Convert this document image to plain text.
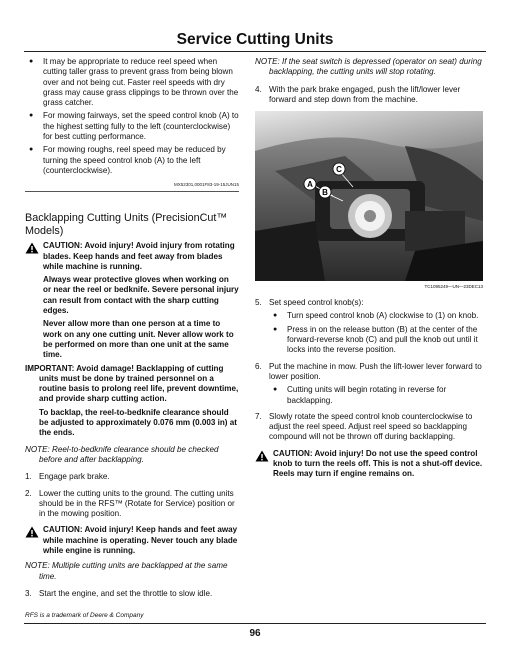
Service Cutting Units
● It may be appropriate to reduce reel speed when cutting taller grass to prevent grass from being blown over and not being cut. Faster reel speeds with dry grass may cause grass clippings to be thrown over the grass catcher.
● For mowing fairways, set the speed control knob (A) to the highest setting fully to the left (counterclockwise) for best cutting performance.
● For mowing roughs, reel speed may be reduced by turning the speed control knob (A) to the left (counterclockwise).
MX52301,0001F83-19-15JUN15
Backlapping Cutting Units (PrecisionCut™ Models)
CAUTION: Avoid injury! Avoid injury from rotating blades. Keep hands and feet away from blades while machine is running.
Always wear protective gloves when working on or near the reel or bedknife. Severe personal injury can result from contact with the sharp cutting edges.
Never allow more than one person at a time to work on any one cutting unit. Never allow work to be performed on more than one unit at the same time.
IMPORTANT: Avoid damage! Backlapping of cutting units must be done by trained personnel on a routine basis to prolong reel life, prevent downtime, and provide sharp cutting action.
To backlap, the reel-to-bedknife clearance should be adjusted to approximately 0.076 mm (0.003 in) at the ends.
NOTE: Reel-to-bedknife clearance should be checked before and after backlapping.
1. Engage park brake.
2. Lower the cutting units to the ground. The cutting units should be in the RFS™ (Rotate for Service) position or in the mowing position.
CAUTION: Avoid injury! Keep hands and feet away while machine is operating. Never touch any blade while engine is running.
NOTE: Multiple cutting units are backlapped at the same time.
3. Start the engine, and set the throttle to slow idle.
NOTE: If the seat switch is depressed (operator on seat) during backlapping, the cutting units will stop rotating.
4. With the park brake engaged, push the lift/lower lever forward and step down from the machine.
C
A
B
TC1095249—UN—23DEC13
5. Set speed control knob(s):
● Turn speed control knob (A) clockwise to (1) on knob.
● Press in on the release button (B) at the center of the forward-reverse knob (C) and pull the knob out until it locks into the reverse position.
6. Put the machine in mow. Push the lift-lower lever forward to lower position.
● Cutting units will begin rotating in reverse for backlapping.
7. Slowly rotate the speed control knob counterclockwise to adjust the reel speed. Adjust reel speed so backlapping compound will not be thrown off during backlapping.
CAUTION: Avoid injury! Do not use the speed control knob to turn the reels off. This is not a shut-off device. Reels may turn if engine remains on.
RFS is a trademark of Deere & Company
96
